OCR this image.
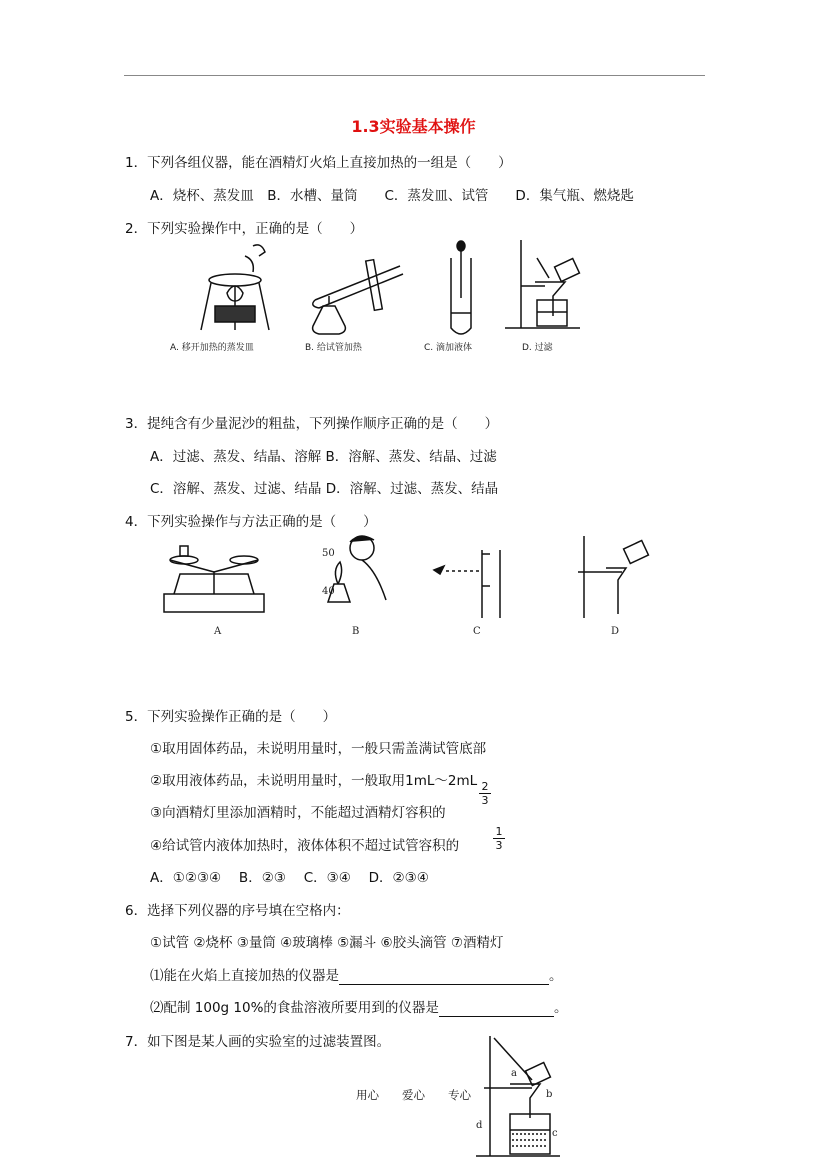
1.3实验基本操作
1．下列各组仪器，能在酒精灯火焰上直接加热的一组是（　　）
A．烧杯、蒸发皿　B．水槽、量筒　　C．蒸发皿、试管　　D．集气瓶、燃烧匙
2．下列实验操作中，正确的是（　　）
A. 移开加热的蒸发皿	B. 给试管加热	C. 滴加液体	D. 过滤
3．提纯含有少量泥沙的粗盐，下列操作顺序正确的是（　　）
A．过滤、蒸发、结晶、溶解 B．溶解、蒸发、结晶、过滤
C．溶解、蒸发、过滤、结晶 D．溶解、过滤、蒸发、结晶
4．下列实验操作与方法正确的是（　　）
50
40
A	B	C	D
5．下列实验操作正确的是（　　）
①取用固体药品，未说明用量时，一般只需盖满试管底部
②取用液体药品，未说明用量时，一般取用1mL～2mL
③向酒精灯里添加酒精时，不能超过酒精灯容积的
2
3
④给试管内液体加热时，液体体积不超过试管容积的
1
3
A．①②③④　 B．②③　 C．③④　 D．②③④
6．选择下列仪器的序号填在空格内：
①试管 ②烧杯 ③量筒 ④玻璃棒 ⑤漏斗 ⑥胶头滴管 ⑦酒精灯
⑴能在火焰上直接加热的仪器是	。
⑵配制 100g 10%的食盐溶液所要用到的仪器是	。
7．如下图是某人画的实验室的过滤装置图。
a
b
c
d
用心　　爱心　　专心
